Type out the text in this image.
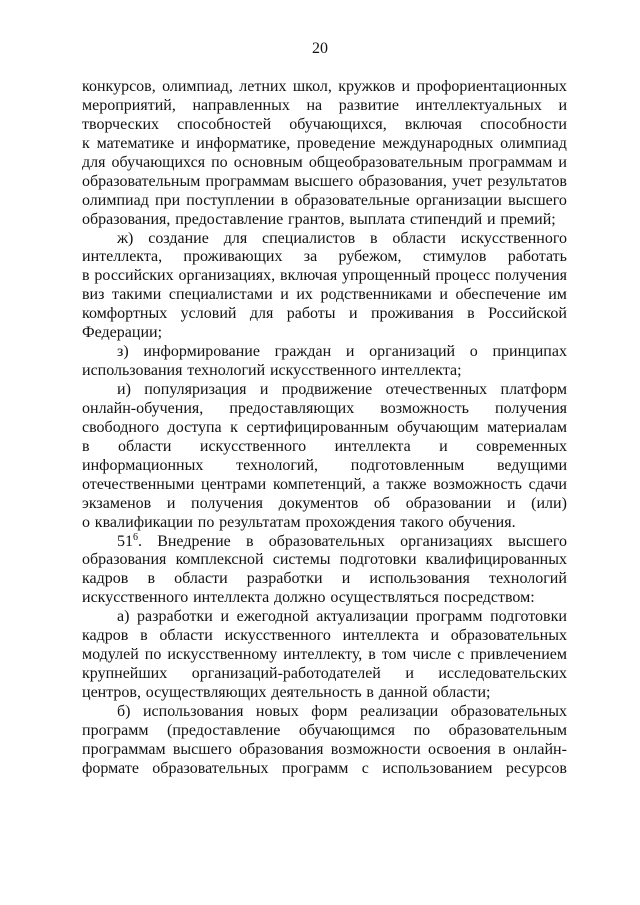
20
конкурсов, олимпиад, летних школ, кружков и профориентационных
мероприятий, направленных на развитие интеллектуальных и
творческих способностей обучающихся, включая способности
к математике и информатике, проведение международных олимпиад
для обучающихся по основным общеобразовательным программам и
образовательным программам высшего образования, учет результатов
олимпиад при поступлении в образовательные организации высшего
образования, предоставление грантов, выплата стипендий и премий;
ж) создание для специалистов в области искусственного
интеллекта, проживающих за рубежом, стимулов работать
в российских организациях, включая упрощенный процесс получения
виз такими специалистами и их родственниками и обеспечение им
комфортных условий для работы и проживания в Российской
Федерации;
з) информирование граждан и организаций о принципах
использования технологий искусственного интеллекта;
и) популяризация и продвижение отечественных платформ
онлайн-обучения, предоставляющих возможность получения
свободного доступа к сертифицированным обучающим материалам
в области искусственного интеллекта и современных
информационных технологий, подготовленным ведущими
отечественными центрами компетенций, а также возможность сдачи
экзаменов и получения документов об образовании и (или)
о квалификации по результатам прохождения такого обучения.
$51^6$. Внедрение в образовательных организациях высшего
образования комплексной системы подготовки квалифицированных
кадров в области разработки и использования технологий
искусственного интеллекта должно осуществляться посредством:
а) разработки и ежегодной актуализации программ подготовки
кадров в области искусственного интеллекта и образовательных
модулей по искусственному интеллекту, в том числе с привлечением
крупнейших организаций-работодателей и исследовательских
центров, осуществляющих деятельность в данной области;
б) использования новых форм реализации образовательных
программ (предоставление обучающимся по образовательным
программам высшего образования возможности освоения в онлайн-
формате образовательных программ с использованием ресурсов
